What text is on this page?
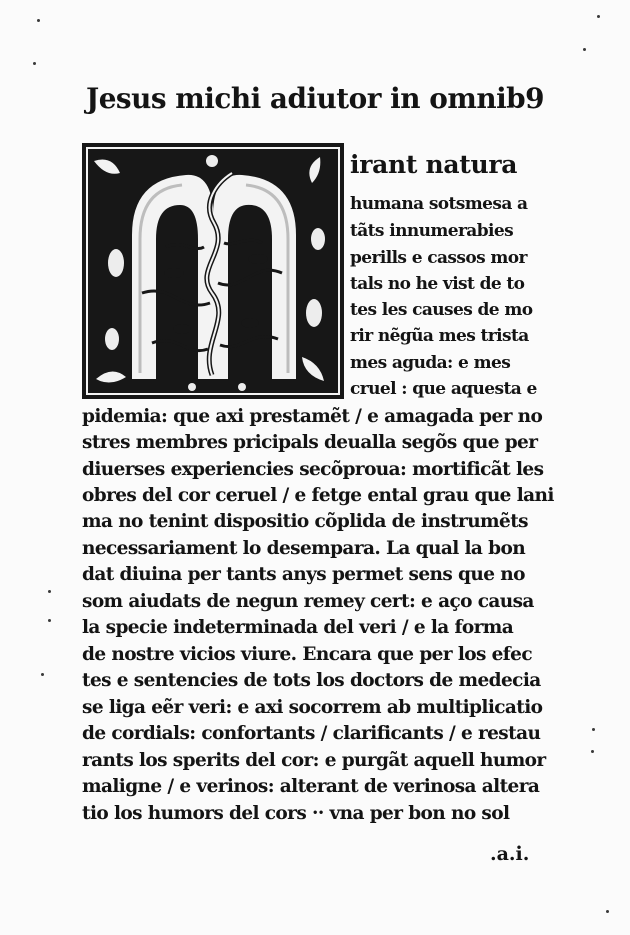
Jesus michi adiutor in omnib9
irant natura
humana sotsmesa a
tãts innumerabies
perills e cassos mor
tals no he vist de to
tes les causes de mo
rir nẽgũa mes trista
mes aguda: e mes
cruel : que aquesta e
pidemia: que axi prestamẽt / e amagada per no
stres membres pricipals deualla segõs que per
diuerses experiencies secõproua: mortificãt les
obres del cor ceruel / e fetge ental grau que lani
ma no tenint dispositio cõplida de instrumẽts
necessariament lo desempara. La qual la bon
dat diuina per tants anys permet sens que no
som aiudats de negun remey cert: e aço causa
la specie indeterminada del veri / e la forma
de nostre vicios viure. Encara que per los efec
tes e sentencies de tots los doctors de medecia
se liga eẽr veri: e axi socorrem ab multiplicatio
de cordials: confortants / clarificants / e restau
rants los sperits del cor: e purgãt aquell humor
maligne / e verinos: alterant de verinosa altera
tio los humors del cors ·· vna per bon no sol
.a.i.
